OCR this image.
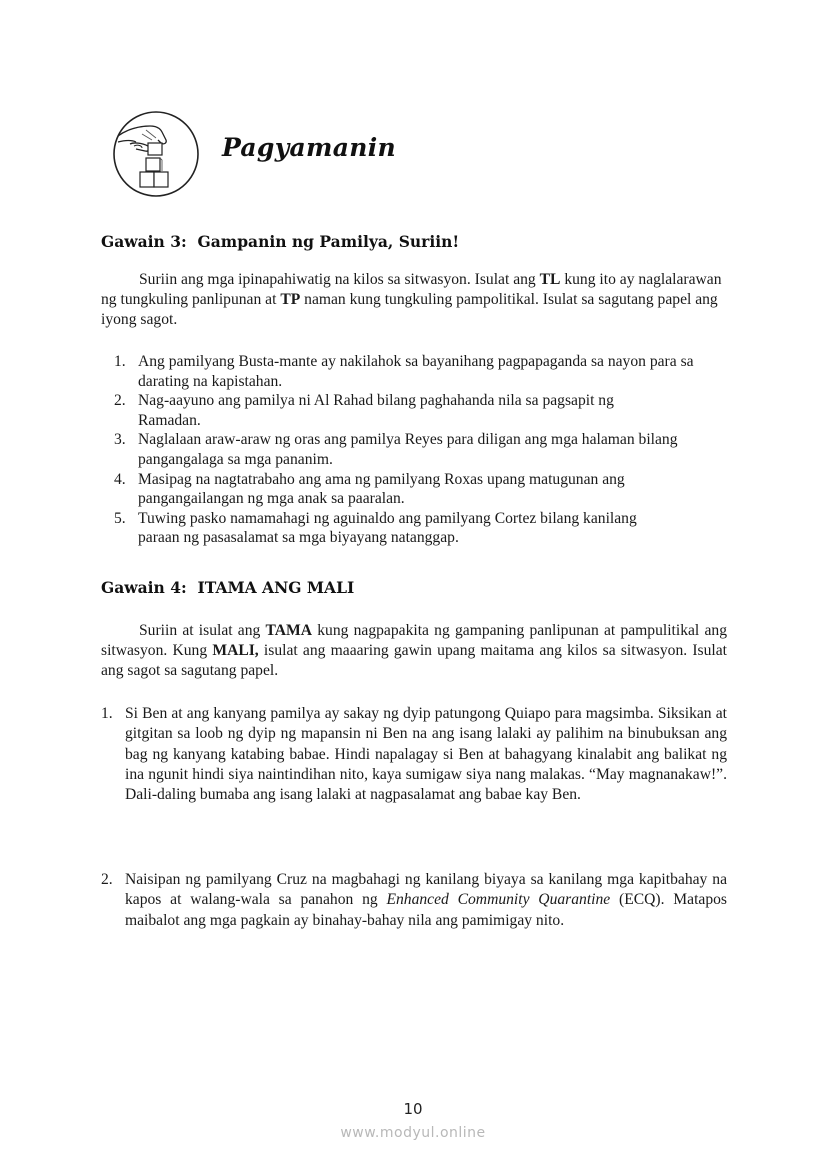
Pagyamanin
Gawain 3:  Gampanin ng Pamilya, Suriin!

Suriin ang mga ipinapahiwatig na kilos sa sitwasyon. Isulat ang TL kung ito ay naglalarawan ng tungkuling panlipunan at TP naman kung tungkuling pampolitikal. Isulat sa sagutang papel ang iyong sagot.

1. Ang pamilyang Busta-mante ay nakilahok sa bayanihang pagpapaganda sa nayon para sa darating na kapistahan.
2. Nag-aayuno ang pamilya ni Al Rahad bilang paghahanda nila sa pagsapit ng Ramadan.
3. Naglalaan araw-araw ng oras ang pamilya Reyes para diligan ang mga halaman bilang pangangalaga sa mga pananim.
4. Masipag na nagtatrabaho ang ama ng pamilyang Roxas upang matugunan ang pangangailangan ng mga anak sa paaralan.
5. Tuwing pasko namamahagi ng aguinaldo ang pamilyang Cortez bilang kanilang paraan ng pasasalamat sa mga biyayang natanggap.
Gawain 4:  ITAMA ANG MALI

Suriin at isulat ang TAMA kung nagpapakita ng gampaning panlipunan at pampulitikal ang sitwasyon. Kung MALI, isulat ang maaaring gawin upang maitama ang kilos sa sitwasyon. Isulat ang sagot sa sagutang papel.

1. Si Ben at ang kanyang pamilya ay sakay ng dyip patungong Quiapo para magsimba. Siksikan at gitgitan sa loob ng dyip ng mapansin ni Ben na ang isang lalaki ay palihim na binubuksan ang bag ng kanyang katabing babae. Hindi napalagay si Ben at bahagyang kinalabit ang balikat ng ina ngunit hindi siya naintindihan nito, kaya sumigaw siya nang malakas. “May magnanakaw!”. Dali-daling bumaba ang isang lalaki at nagpasalamat ang babae kay Ben.
2. Naisipan ng pamilyang Cruz na magbahagi ng kanilang biyaya sa kanilang mga kapitbahay na kapos at walang-wala sa panahon ng Enhanced Community Quarantine (ECQ). Matapos maibalot ang mga pagkain ay binahay-bahay nila ang pamimigay nito.
10
www.modyul.online
